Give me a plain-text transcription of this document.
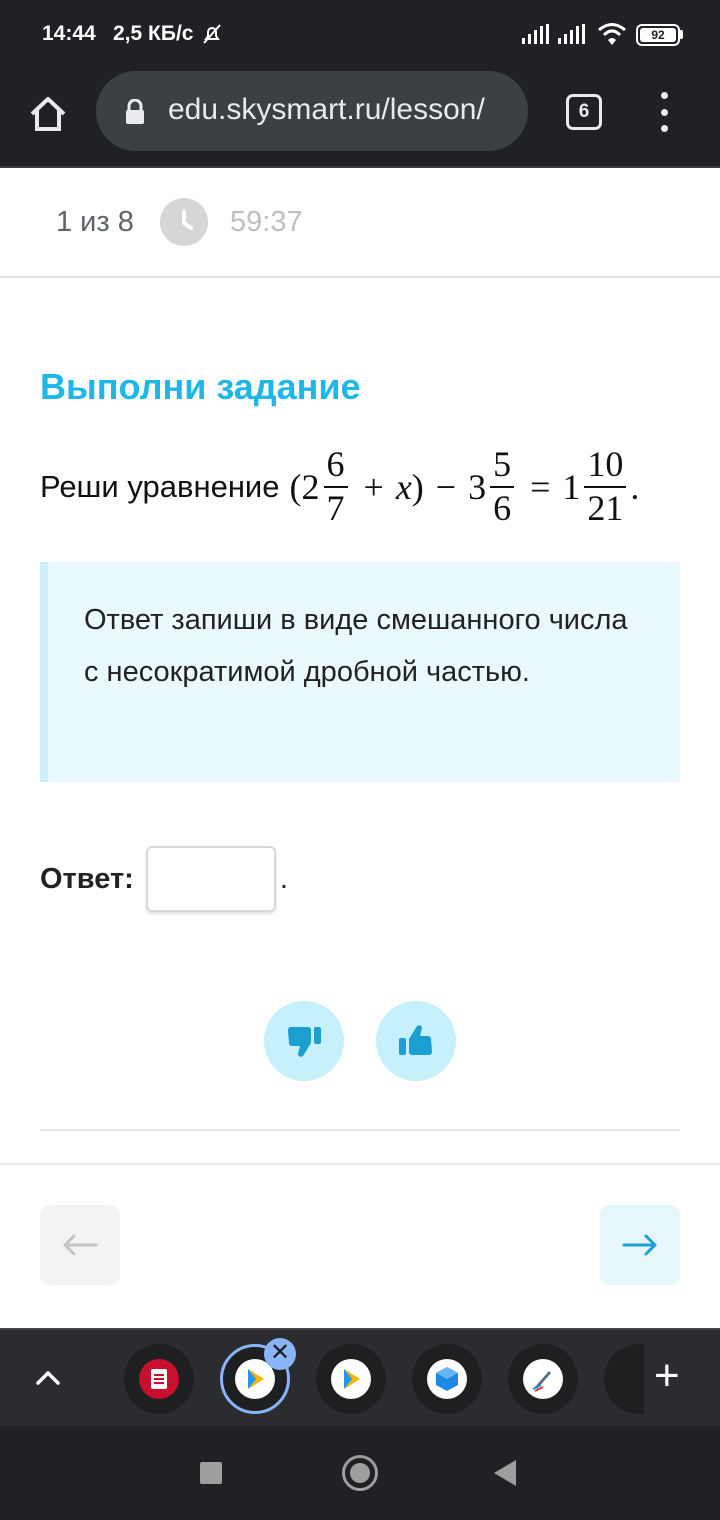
14:44 2,5 КБ/с	92
edu.skysmart.ru/lesson/	6
1 из 8	59:37
Выполни задание
Реши уравнение ( $2 \frac{6}{7} + x$ ) − $3 \frac{5}{6} = 1 \frac{10}{21}$ .

Ответ запиши в виде смешанного числа с несократимой дробной частью.

Ответ:	.
✕	+
